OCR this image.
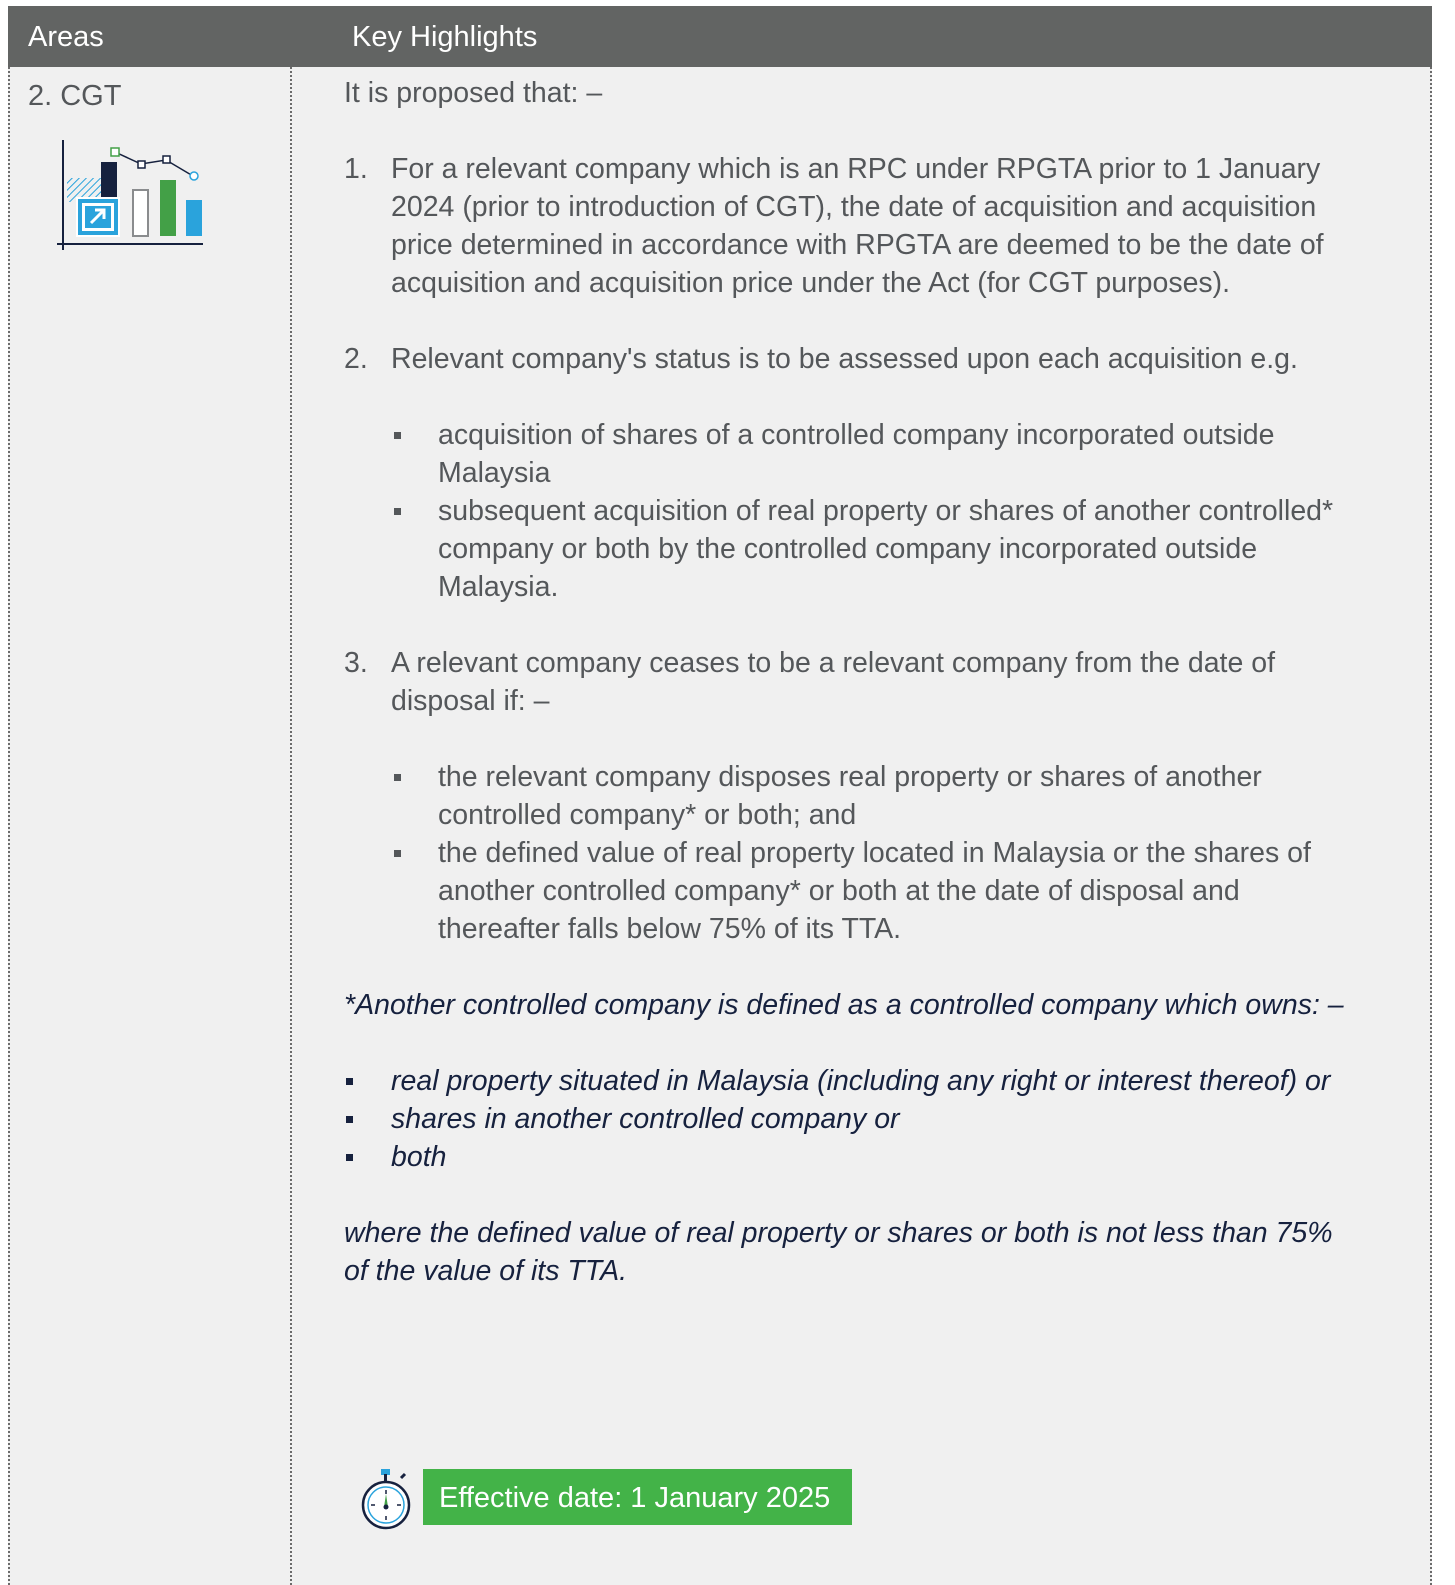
Areas	Key Highlights
2. CGT	It is proposed that: –

1. For a relevant company which is an RPC under RPGTA prior to 1 January 2024 (prior to introduction of CGT), the date of acquisition and acquisition price determined in accordance with RPGTA are deemed to be the date of acquisition and acquisition price under the Act (for CGT purposes).
2. Relevant company's status is to be assessed upon each acquisition e.g.
acquisition of shares of a controlled company incorporated outside Malaysia
subsequent acquisition of real property or shares of another controlled* company or both by the controlled company incorporated outside Malaysia.
3. A relevant company ceases to be a relevant company from the date of disposal if: –
the relevant company disposes real property or shares of another controlled company* or both; and
the defined value of real property located in Malaysia or the shares of another controlled company* or both at the date of disposal and thereafter falls below 75% of its TTA.

*Another controlled company is defined as a controlled company which owns: –

real property situated in Malaysia (including any right or interest thereof) or
shares in another controlled company or
both

where the defined value of real property or shares or both is not less than 75% of the value of its TTA.

Effective date: 1 January 2025
